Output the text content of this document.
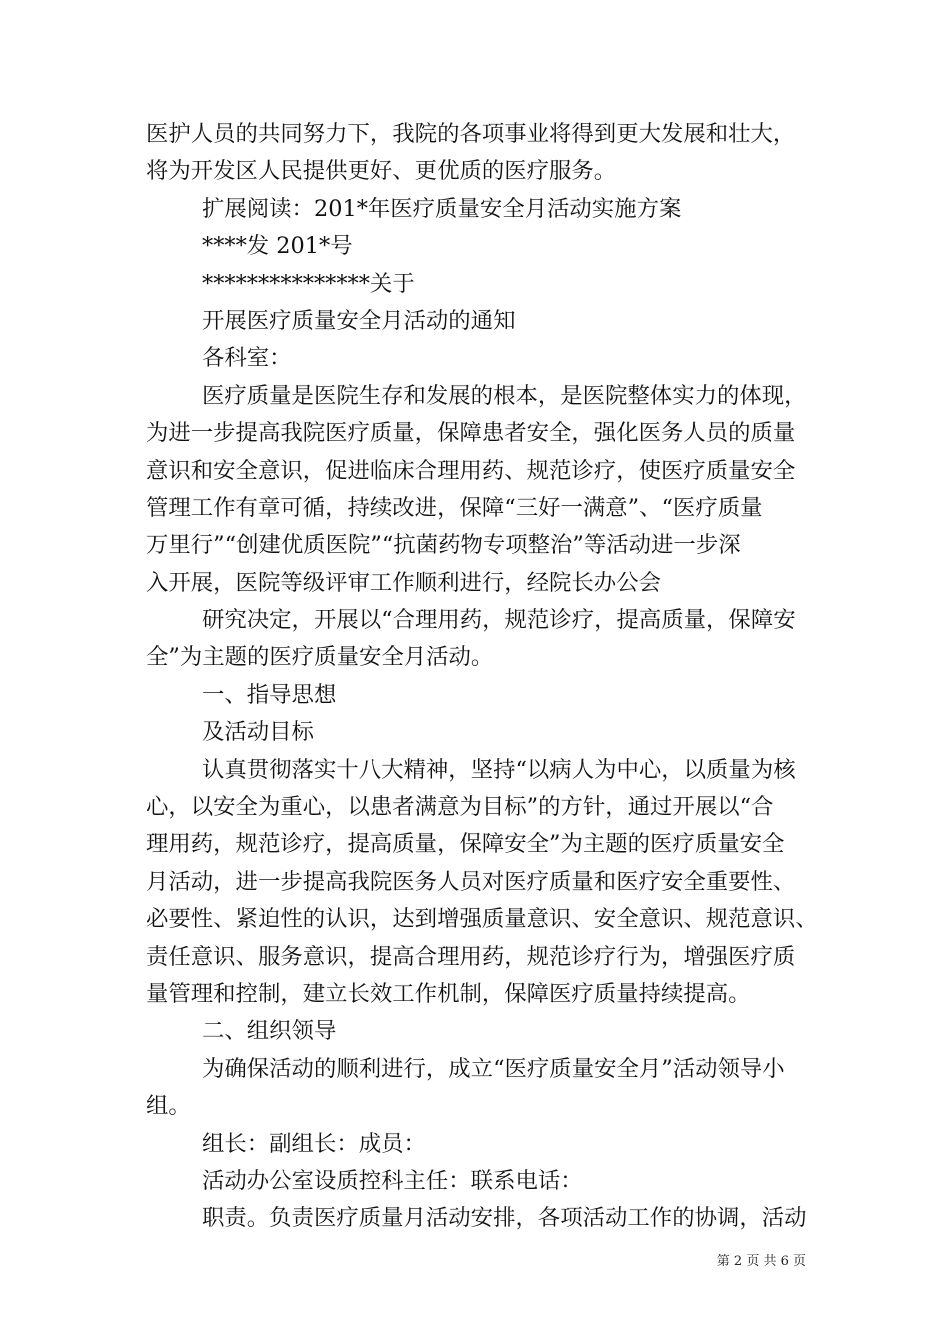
医护人员的共同努力下，我院的各项事业将得到更大发展和壮大，
将为开发区人民提供更好、更优质的医疗服务。
扩展阅读：201*年医疗质量安全月活动实施方案
****发 201*号
***************关于
开展医疗质量安全月活动的通知
各科室：
医疗质量是医院生存和发展的根本，是医院整体实力的体现，
为进一步提高我院医疗质量，保障患者安全，强化医务人员的质量
意识和安全意识，促进临床合理用药、规范诊疗，使医疗质量安全
管理工作有章可循，持续改进，保障“三好一满意”、“医疗质量
万里行”“创建优质医院”“抗菌药物专项整治”等活动进一步深
入开展，医院等级评审工作顺利进行，经院长办公会
研究决定，开展以“合理用药，规范诊疗，提高质量，保障安
全”为主题的医疗质量安全月活动。
一、指导思想
及活动目标
认真贯彻落实十八大精神，坚持“以病人为中心，以质量为核
心，以安全为重心，以患者满意为目标”的方针，通过开展以“合
理用药，规范诊疗，提高质量，保障安全”为主题的医疗质量安全
月活动，进一步提高我院医务人员对医疗质量和医疗安全重要性、
必要性、紧迫性的认识，达到增强质量意识、安全意识、规范意识、
责任意识、服务意识，提高合理用药，规范诊疗行为，增强医疗质
量管理和控制，建立长效工作机制，保障医疗质量持续提高。
二、组织领导
为确保活动的顺利进行，成立“医疗质量安全月”活动领导小
组。
组长：副组长：成员：
活动办公室设质控科主任：联系电话：
职责。负责医疗质量月活动安排，各项活动工作的协调，活动
第 2 页 共 6 页
